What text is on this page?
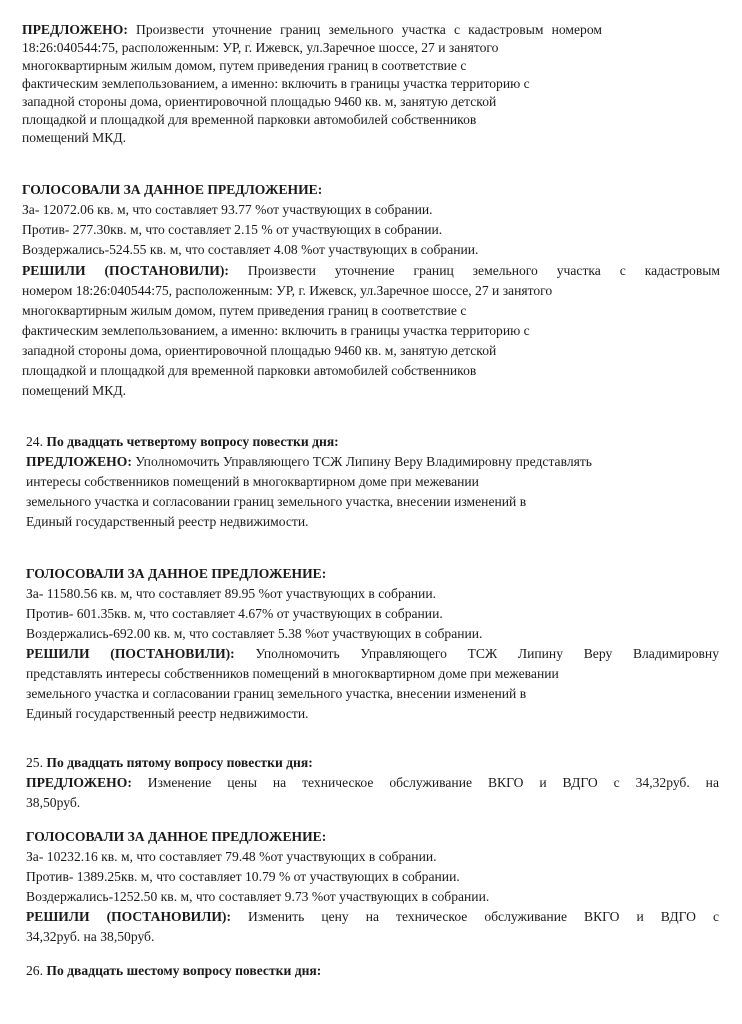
ПРЕДЛОЖЕНО: Произвести уточнение границ земельного участка с кадастровым номером
18:26:040544:75, расположенным: УР, г. Ижевск, ул.Заречное шоссе, 27 и занятого
многоквартирным жилым домом, путем приведения границ в соответствие с
фактическим землепользованием, а именно: включить в границы участка территорию с
западной стороны дома, ориентировочной площадью 9460 кв. м, занятую детской
площадкой и площадкой для временной парковки автомобилей собственников
помещений МКД.
ГОЛОСОВАЛИ ЗА ДАННОЕ ПРЕДЛОЖЕНИЕ:
За- 12072.06 кв. м, что составляет 93.77 %от участвующих в собрании.
Против- 277.30кв. м, что составляет 2.15 % от участвующих в собрании.
Воздержались-524.55 кв. м, что составляет 4.08 %от участвующих в собрании.
РЕШИЛИ (ПОСТАНОВИЛИ): Произвести уточнение границ земельного участка с кадастровым
номером 18:26:040544:75, расположенным: УР, г. Ижевск, ул.Заречное шоссе, 27 и занятого
многоквартирным жилым домом, путем приведения границ в соответствие с
фактическим землепользованием, а именно: включить в границы участка территорию с
западной стороны дома, ориентировочной площадью 9460 кв. м, занятую детской
площадкой и площадкой для временной парковки автомобилей собственников
помещений МКД.
24. По двадцать четвертому вопросу повестки дня:
ПРЕДЛОЖЕНО: Уполномочить Управляющего ТСЖ Липину Веру Владимировну представлять
интересы собственников помещений в многоквартирном доме при межевании
земельного участка и согласовании границ земельного участка, внесении изменений в
Единый государственный реестр недвижимости.
ГОЛОСОВАЛИ ЗА ДАННОЕ ПРЕДЛОЖЕНИЕ:
За- 11580.56 кв. м, что составляет 89.95 %от участвующих в собрании.
Против- 601.35кв. м, что составляет 4.67% от участвующих в собрании.
Воздержались-692.00 кв. м, что составляет 5.38 %от участвующих в собрании.
РЕШИЛИ (ПОСТАНОВИЛИ): Уполномочить Управляющего ТСЖ Липину Веру Владимировну
представлять интересы собственников помещений в многоквартирном доме при межевании
земельного участка и согласовании границ земельного участка, внесении изменений в
Единый государственный реестр недвижимости.
25. По двадцать пятому вопросу повестки дня:
ПРЕДЛОЖЕНО: Изменение цены на техническое обслуживание ВКГО и ВДГО с 34,32руб. на
38,50руб.
ГОЛОСОВАЛИ ЗА ДАННОЕ ПРЕДЛОЖЕНИЕ:
За- 10232.16 кв. м, что составляет 79.48 %от участвующих в собрании.
Против- 1389.25кв. м, что составляет 10.79 % от участвующих в собрании.
Воздержались-1252.50 кв. м, что составляет 9.73 %от участвующих в собрании.
РЕШИЛИ (ПОСТАНОВИЛИ): Изменить цену на техническое обслуживание ВКГО и ВДГО с
34,32руб. на 38,50руб.
26. По двадцать шестому вопросу повестки дня:
